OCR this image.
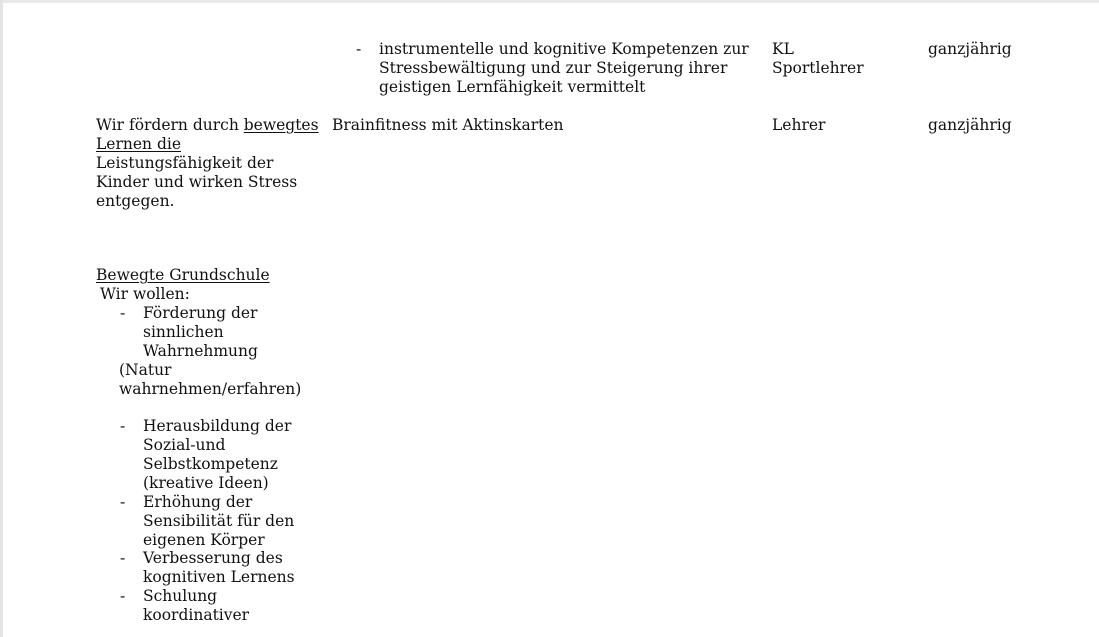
- instrumentelle und kognitive Kompetenzen zur
Stressbewältigung und zur Steigerung ihrer
geistigen Lernfähigkeit vermittelt
KL
Sportlehrer
ganzjährig
Wir fördern durch bewegtes
Lernen die
Leistungsfähigkeit der
Kinder und wirken Stress
entgegen.
Brainfitness mit Aktinskarten	Lehrer	ganzjährig
Bewegte Grundschule
Wir wollen:
- Förderung der
sinnlichen
Wahrnehmung
(Natur
wahrnehmen/erfahren)
- Herausbildung der
Sozial-und
Selbstkompetenz
(kreative Ideen)
- Erhöhung der
Sensibilität für den
eigenen Körper
- Verbesserung des
kognitiven Lernens
- Schulung
koordinativer
